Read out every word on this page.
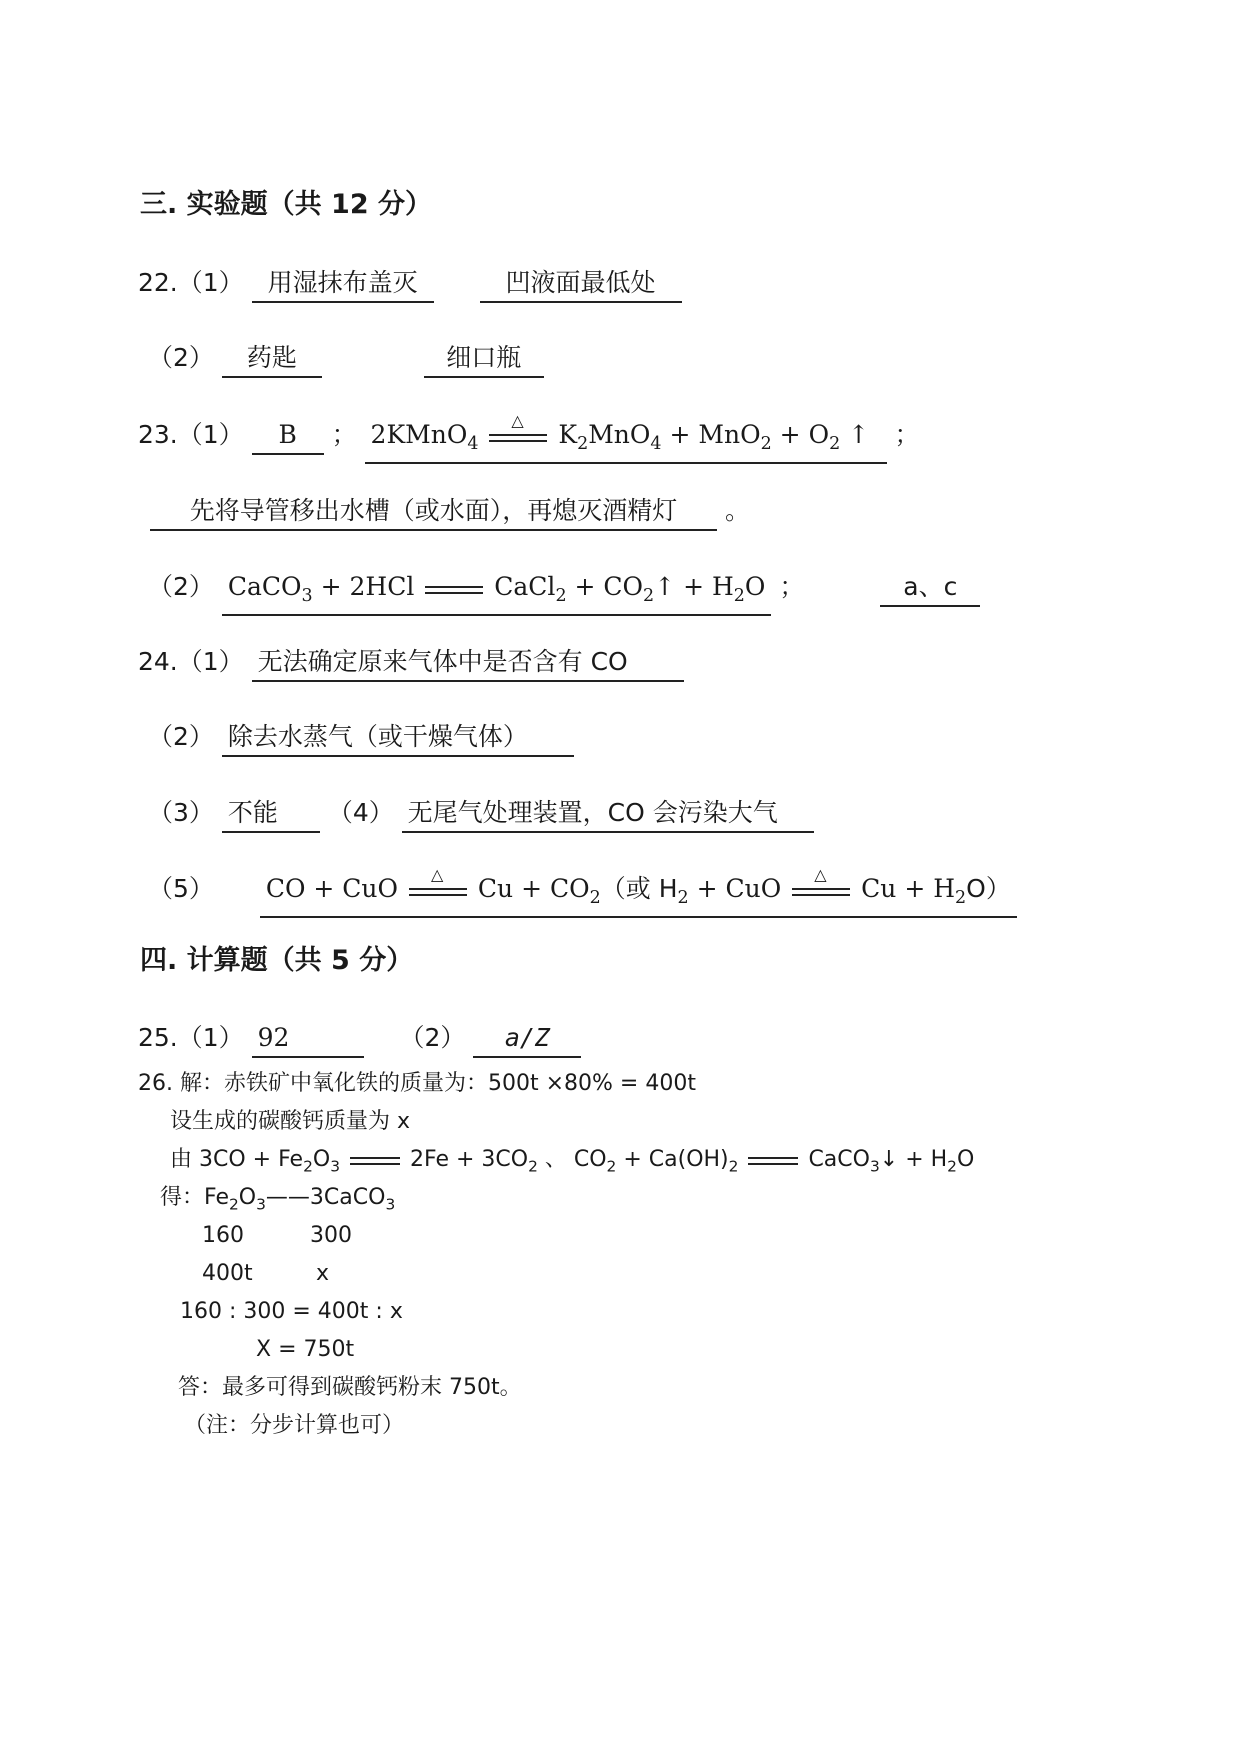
三. 实验题（共 12 分）
22.（1） 用湿抹布盖灭	凹液面最低处
（2） 药匙	细口瓶
23.（1） B ； 2KMnO$_4$
△ $K_2MnO_4 + MnO_2 + O_2$ ↑ ；
先将导管移出水槽（或水面），再熄灭酒精灯 。
（2） CaCO$_3$ + 2HCl	CaCl$_2$ + $CO_2↑ + H_2O$ ；	a、c
24.（1） 无法确定原来气体中是否含有 CO
（2） 除去水蒸气（或干燥气体）
（3） 不能 （4） 无尾气处理装置，CO 会污染大气
（5） CO + CuO △ $Cu + CO_2$（或 $H_2$ + CuO △ $Cu + H_2O$）
四. 计算题（共 5 分）
25.（1） 92	（2） a/Z
26. 解：赤铁矿中氧化铁的质量为：500t ×80% = 400t
设生成的碳酸钙质量为 x
由 $3CO + Fe_2O_3$	$2Fe + 3CO_2$ 、 $CO_2 + Ca(OH)_2$	CaCO$_3$↓ + $H_2O$
得：$Fe_2O_3——3CaCO_3$
160	300
400t	x
160 : 300 = 400t : x
X = 750t
答：最多可得到碳酸钙粉末 750t。
（注：分步计算也可）
